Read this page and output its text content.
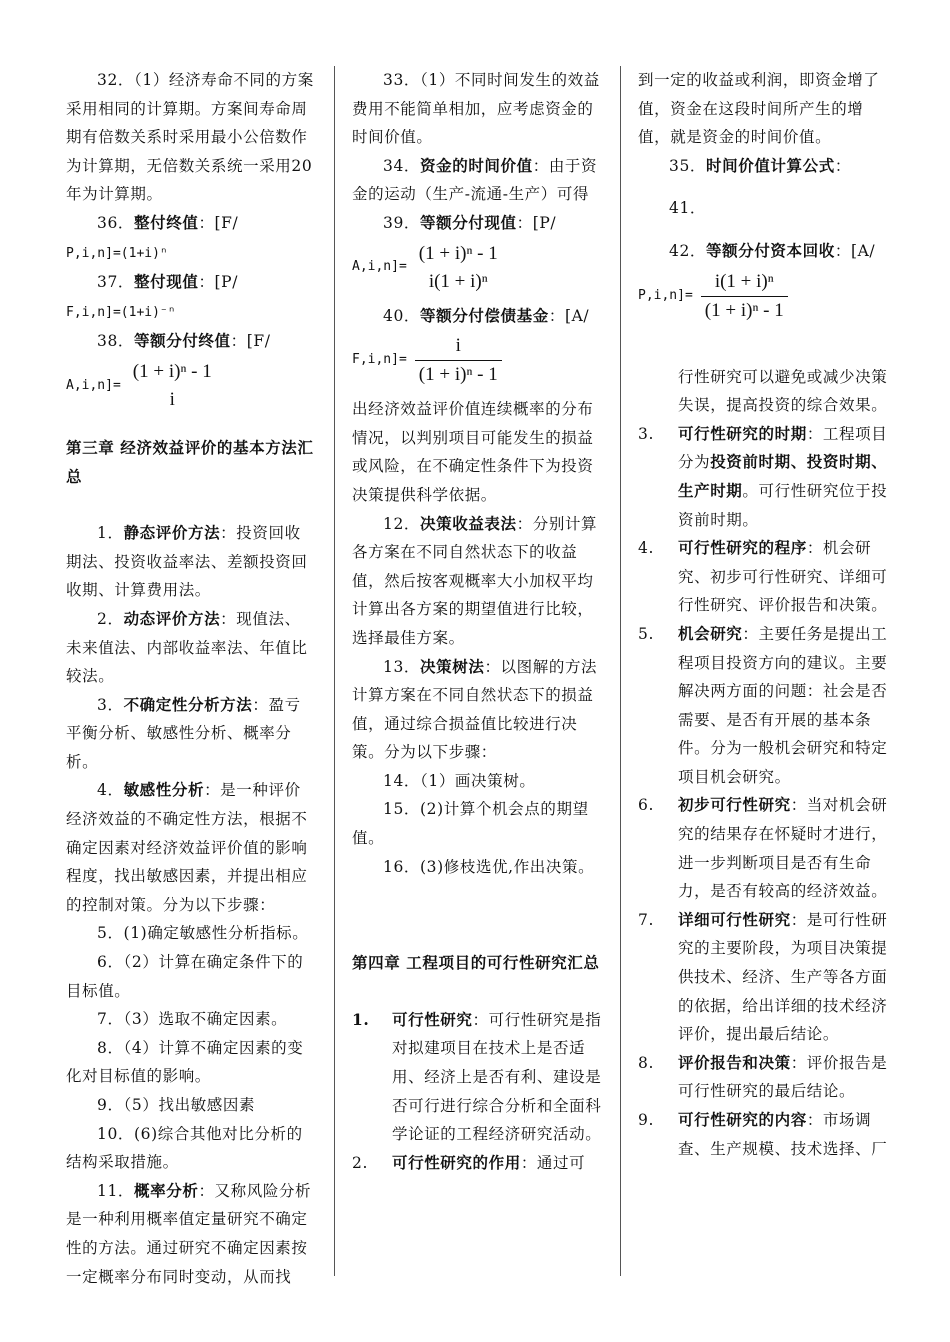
32．（1）经济寿命不同的方案采用相同的计算期。方案间寿命周期有倍数关系时采用最小公倍数作为计算期，无倍数关系统一采用20年为计算期。

36．整付终值：[F/

P,i,n]=(1+i)ⁿ

37．整付现值：[P/

F,i,n]=(1+i)⁻ⁿ

38．等额分付终值：[F/

A,i,n]=
(1 + i)ⁿ - 1
i

第三章 经济效益评价的基本方法汇总

1．静态评价方法：投资回收期法、投资收益率法、差额投资回收期、计算费用法。

2．动态评价方法：现值法、未来值法、内部收益率法、年值比较法。

3．不确定性分析方法：盈亏平衡分析、敏感性分析、概率分析。

4．敏感性分析：是一种评价经济效益的不确定性方法，根据不确定因素对经济效益评价值的影响程度，找出敏感因素，并提出相应的控制对策。分为以下步骤：

5．(1)确定敏感性分析指标。

6．（2）计算在确定条件下的目标值。

7．（3）选取不确定因素。

8．（4）计算不确定因素的变化对目标值的影响。

9．（5）找出敏感因素

10．(6)综合其他对比分析的结构采取措施。

11．概率分析：又称风险分析是一种利用概率值定量研究不确定性的方法。通过研究不确定因素按一定概率分布同时变动，从而找

33．（1）不同时间发生的效益费用不能简单相加，应考虑资金的时间价值。

34．资金的时间价值：由于资金的运动（生产-流通-生产）可得

39．等额分付现值：[P/

A,i,n]=
(1 + i)ⁿ - 1
i(1 + i)ⁿ

40．等额分付偿债基金：[A/

$F,i,n]= \frac{i}{\text{(1 + i)ⁿ - 1}}$

出经济效益评价值连续概率的分布情况，以判别项目可能发生的损益或风险，在不确定性条件下为投资决策提供科学依据。

12．决策收益表法：分别计算各方案在不同自然状态下的收益值，然后按客观概率大小加权平均计算出各方案的期望值进行比较，选择最佳方案。

13．决策树法：以图解的方法计算方案在不同自然状态下的损益值，通过综合损益值比较进行决策。分为以下步骤：

14．（1）画决策树。

15．(2)计算个机会点的期望值。

16．(3)修枝选优,作出决策。

第四章 工程项目的可行性研究汇总

1.	可行性研究：可行性研究是指对拟建项目在技术上是否适用、经济上是否有利、建设是否可行进行综合分析和全面科学论证的工程经济研究活动。
2.	可行性研究的作用：通过可

到一定的收益或利润，即资金增了值，资金在这段时间所产生的增值，就是资金的时间价值。

35．时间价值计算公式：

41．

42．等额分付资本回收：[A/

$P,i,n]= \frac{\text{i(1 + i)ⁿ}}{\text{(1 + i)ⁿ - 1}}$

行性研究可以避免或减少决策失误，提高投资的综合效果。

3.	可行性研究的时期：工程项目分为投资前时期、投资时期、生产时期。可行性研究位于投资前时期。
4.	可行性研究的程序：机会研究、初步可行性研究、详细可行性研究、评价报告和决策。
5.	机会研究：主要任务是提出工程项目投资方向的建议。主要解决两方面的问题：社会是否需要、是否有开展的基本条件。分为一般机会研究和特定项目机会研究。
6.	初步可行性研究：当对机会研究的结果存在怀疑时才进行，进一步判断项目是否有生命力，是否有较高的经济效益。
7.	详细可行性研究：是可行性研究的主要阶段，为项目决策提供技术、经济、生产等各方面的依据，给出详细的技术经济评价，提出最后结论。
8.	评价报告和决策：评价报告是可行性研究的最后结论。
9.	可行性研究的内容：市场调查、生产规模、技术选择、厂
